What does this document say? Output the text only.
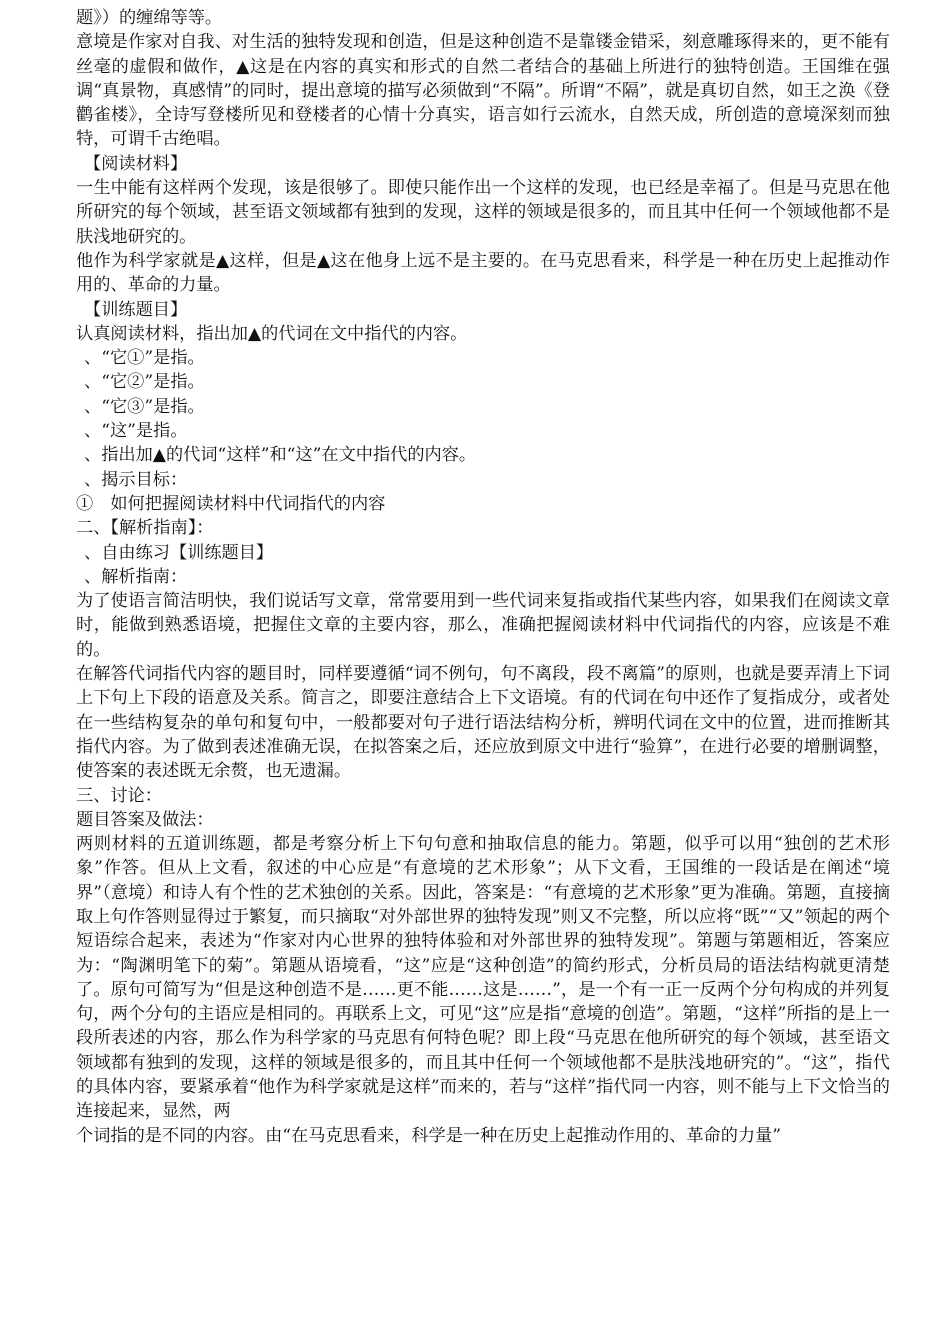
题》）的缠绵等等。
意境是作家对自我、对生活的独特发现和创造，但是这种创造不是靠镂金错采，刻意雕琢得来的，更不能有丝毫的虚假和做作，▲这是在内容的真实和形式的自然二者结合的基础上所进行的独特创造。王国维在强调“真景物，真感情”的同时，提出意境的描写必须做到“不隔”。所谓“不隔”，就是真切自然，如王之涣《登鹳雀楼》，全诗写登楼所见和登楼者的心情十分真实，语言如行云流水，自然天成，所创造的意境深刻而独特，可谓千古绝唱。
【阅读材料】
一生中能有这样两个发现，该是很够了。即使只能作出一个这样的发现，也已经是幸福了。但是马克思在他所研究的每个领域，甚至语文领域都有独到的发现，这样的领域是很多的，而且其中任何一个领域他都不是肤浅地研究的。
他作为科学家就是▲这样，但是▲这在他身上远不是主要的。在马克思看来，科学是一种在历史上起推动作用的、革命的力量。
【训练题目】
认真阅读材料，指出加▲的代词在文中指代的内容。
、“它①”是指。
、“它②”是指。
、“它③”是指。
、“这”是指。
、指出加▲的代词“这样”和“这”在文中指代的内容。
、揭示目标：
①　如何把握阅读材料中代词指代的内容
二、【解析指南】：
、自由练习【训练题目】
、解析指南：
为了使语言简洁明快，我们说话写文章，常常要用到一些代词来复指或指代某些内容，如果我们在阅读文章时，能做到熟悉语境，把握住文章的主要内容，那么，准确把握阅读材料中代词指代的内容，应该是不难的。
在解答代词指代内容的题目时，同样要遵循“词不例句，句不离段，段不离篇”的原则，也就是要弄清上下词上下句上下段的语意及关系。简言之，即要注意结合上下文语境。有的代词在句中还作了复指成分，或者处在一些结构复杂的单句和复句中，一般都要对句子进行语法结构分析，辨明代词在文中的位置，进而推断其指代内容。为了做到表述准确无误，在拟答案之后，还应放到原文中进行“验算”，在进行必要的增删调整，使答案的表述既无余赘，也无遗漏。
三、讨论：
题目答案及做法：
两则材料的五道训练题，都是考察分析上下句句意和抽取信息的能力。第题，似乎可以用“独创的艺术形象”作答。但从上文看，叙述的中心应是“有意境的艺术形象”；从下文看，王国维的一段话是在阐述“境界”（意境）和诗人有个性的艺术独创的关系。因此，答案是：“有意境的艺术形象”更为准确。第题，直接摘取上句作答则显得过于繁复，而只摘取“对外部世界的独特发现”则又不完整，所以应将“既”“又”领起的两个短语综合起来，表述为“作家对内心世界的独特体验和对外部世界的独特发现”。第题与第题相近，答案应为：“陶渊明笔下的菊”。第题从语境看，“这”应是“这种创造”的简约形式，分析员局的语法结构就更清楚了。原句可简写为“但是这种创造不是……更不能……这是……”，是一个有一正一反两个分句构成的并列复句，两个分句的主语应是相同的。再联系上文，可见“这”应是指“意境的创造”。第题，“这样”所指的是上一段所表述的内容，那么作为科学家的马克思有何特色呢？即上段“马克思在他所研究的每个领域，甚至语文领域都有独到的发现，这样的领域是很多的，而且其中任何一个领域他都不是肤浅地研究的”。“这”，指代的具体内容，要紧承着“他作为科学家就是这样”而来的，若与“这样”指代同一内容，则不能与上下文恰当的连接起来，显然，两
个词指的是不同的内容。由“在马克思看来，科学是一种在历史上起推动作用的、革命的力量”
